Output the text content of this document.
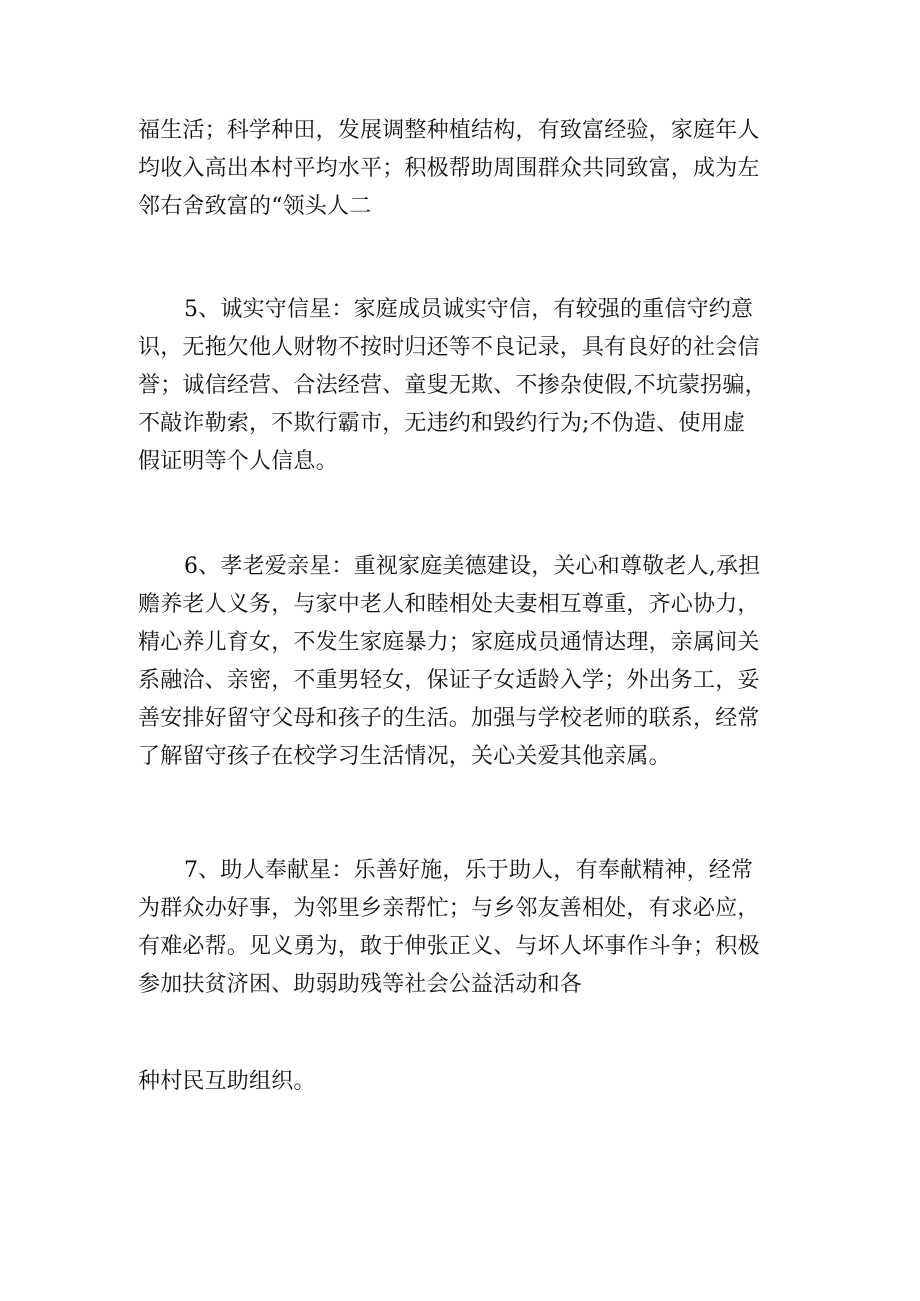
福生活；科学种田，发展调整种植结构，有致富经验，家庭年人
均收入高出本村平均水平；积极帮助周围群众共同致富，成为左
邻右舍致富的“领头人二
5、诚实守信星：家庭成员诚实守信，有较强的重信守约意
识，无拖欠他人财物不按时归还等不良记录，具有良好的社会信
誉；诚信经营、合法经营、童叟无欺、不掺杂使假,不坑蒙拐骗，
不敲诈勒索，不欺行霸市，无违约和毁约行为;不伪造、使用虚
假证明等个人信息。
6、孝老爱亲星：重视家庭美德建设，关心和尊敬老人,承担
赡养老人义务，与家中老人和睦相处夫妻相互尊重，齐心协力，
精心养儿育女，不发生家庭暴力；家庭成员通情达理，亲属间关
系融洽、亲密，不重男轻女，保证子女适龄入学；外出务工，妥
善安排好留守父母和孩子的生活。加强与学校老师的联系，经常
了解留守孩子在校学习生活情况，关心关爱其他亲属。
7、助人奉献星：乐善好施，乐于助人，有奉献精神，经常
为群众办好事，为邻里乡亲帮忙；与乡邻友善相处，有求必应，
有难必帮。见义勇为，敢于伸张正义、与坏人坏事作斗争；积极
参加扶贫济困、助弱助残等社会公益活动和各
种村民互助组织。
